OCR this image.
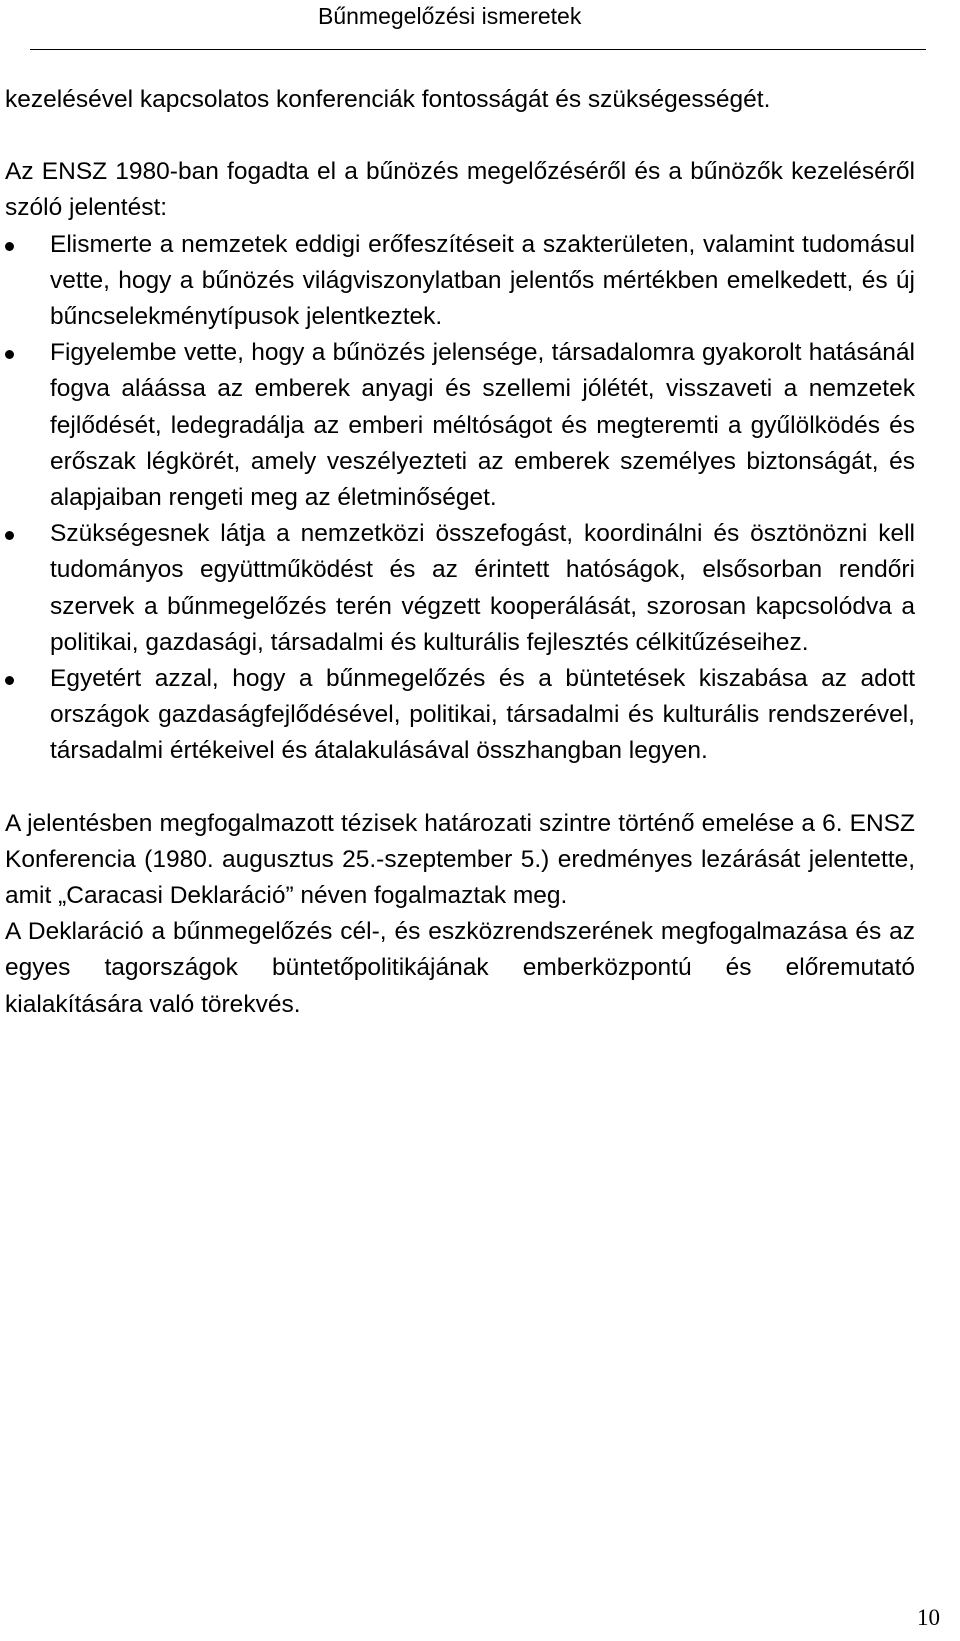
Bűnmegelőzési ismeretek

kezelésével kapcsolatos konferenciák fontosságát és szükségességét.

Az ENSZ 1980-ban fogadta el a bűnözés megelőzéséről és a bűnözők kezeléséről szóló jelentést:

Elismerte a nemzetek eddigi erőfeszítéseit a szakterületen, valamint tudomásul vette, hogy a bűnözés világviszonylatban jelentős mértékben emelkedett, és új bűncselekménytípusok jelentkeztek.
Figyelembe vette, hogy a bűnözés jelensége, társadalomra gyakorolt hatásánál fogva aláássa az emberek anyagi és szellemi jólétét, visszaveti a nemzetek fejlődését, ledegradálja az emberi méltóságot és megteremti a gyűlölködés és erőszak légkörét, amely veszélyezteti az emberek személyes biztonságát, és alapjaiban rengeti meg az életminőséget.
Szükségesnek látja a nemzetközi összefogást, koordinálni és ösztönözni kell tudományos együttműködést és az érintett hatóságok, elsősorban rendőri szervek a bűnmegelőzés terén végzett kooperálását, szorosan kapcsolódva a politikai, gazdasági, társadalmi és kulturális fejlesztés célkitűzéseihez.
Egyetért azzal, hogy a bűnmegelőzés és a büntetések kiszabása az adott országok gazdaságfejlődésével, politikai, társadalmi és kulturális rendszerével, társadalmi értékeivel és átalakulásával összhangban legyen.

A jelentésben megfogalmazott tézisek határozati szintre történő emelése a 6. ENSZ Konferencia (1980. augusztus 25.-szeptember 5.) eredményes lezárását jelentette, amit „Caracasi Deklaráció” néven fogalmaztak meg.

A Deklaráció a bűnmegelőzés cél-, és eszközrendszerének megfogalmazása és az egyes tagországok büntetőpolitikájának emberközpontú és előremutató kialakítására való törekvés.

10
